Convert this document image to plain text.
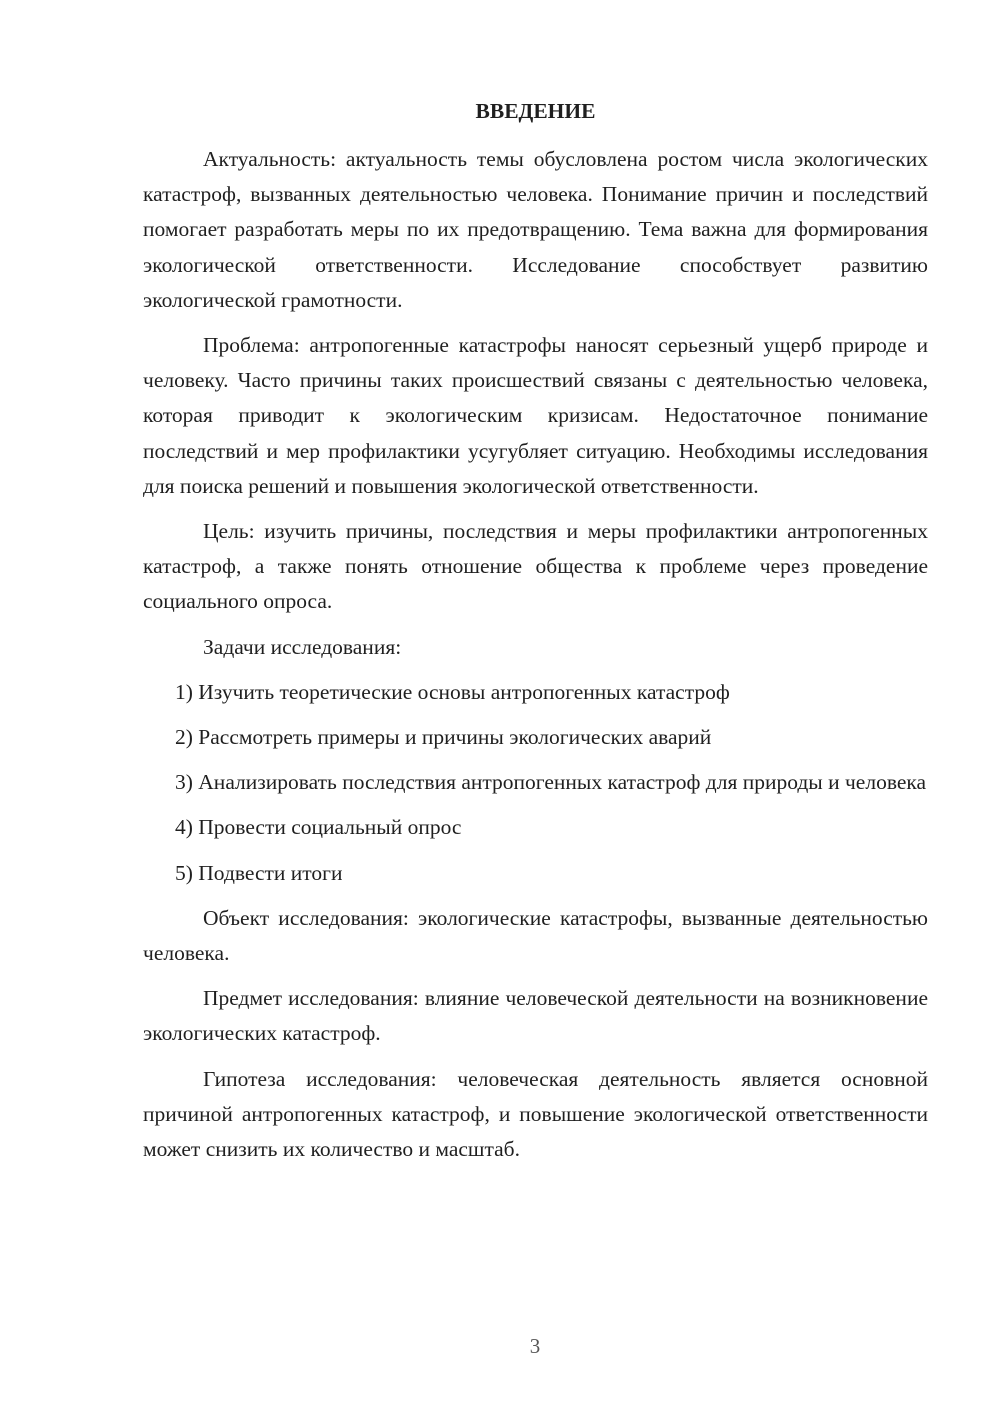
ВВЕДЕНИЕ

Актуальность: актуальность темы обусловлена ростом числа экологических катастроф, вызванных деятельностью человека. Понимание причин и последствий помогает разработать меры по их предотвращению. Тема важна для формирования экологической ответственности. Исследование способствует развитию экологической грамотности.

Проблема: антропогенные катастрофы наносят серьезный ущерб природе и человеку. Часто причины таких происшествий связаны с деятельностью человека, которая приводит к экологическим кризисам. Недостаточное понимание последствий и мер профилактики усугубляет ситуацию. Необходимы исследования для поиска решений и повышения экологической ответственности.

Цель: изучить причины, последствия и меры профилактики антропогенных катастроф, а также понять отношение общества к проблеме через проведение социального опроса.

Задачи исследования:

1) Изучить теоретические основы антропогенных катастроф

2) Рассмотреть примеры и причины экологических аварий

3) Анализировать последствия антропогенных катастроф для природы и человека

4) Провести социальный опрос

5) Подвести итоги

Объект исследования: экологические катастрофы, вызванные деятельностью человека.

Предмет исследования: влияние человеческой деятельности на возникновение экологических катастроф.

Гипотеза исследования: человеческая деятельность является основной причиной антропогенных катастроф, и повышение экологической ответственности может снизить их количество и масштаб.

3
